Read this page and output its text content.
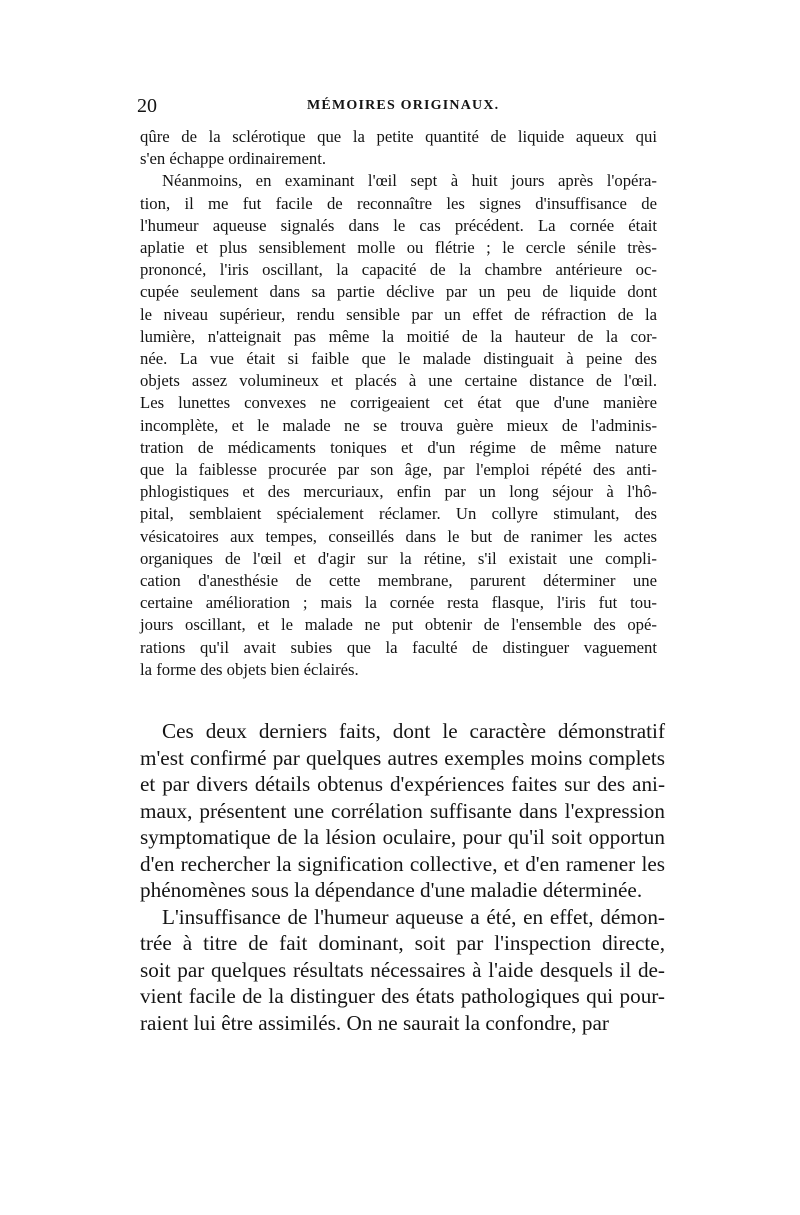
20	MÉMOIRES ORIGINAUX.
qûre de la sclérotique que la petite quantité de liquide aqueux qui
s'en échappe ordinairement.
Néanmoins, en examinant l'œil sept à huit jours après l'opéra-
tion, il me fut facile de reconnaître les signes d'insuffisance de
l'humeur aqueuse signalés dans le cas précédent. La cornée était
aplatie et plus sensiblement molle ou flétrie ; le cercle sénile très-
prononcé, l'iris oscillant, la capacité de la chambre antérieure oc-
cupée seulement dans sa partie déclive par un peu de liquide dont
le niveau supérieur, rendu sensible par un effet de réfraction de la
lumière, n'atteignait pas même la moitié de la hauteur de la cor-
née. La vue était si faible que le malade distinguait à peine des
objets assez volumineux et placés à une certaine distance de l'œil.
Les lunettes convexes ne corrigeaient cet état que d'une manière
incomplète, et le malade ne se trouva guère mieux de l'adminis-
tration de médicaments toniques et d'un régime de même nature
que la faiblesse procurée par son âge, par l'emploi répété des anti-
phlogistiques et des mercuriaux, enfin par un long séjour à l'hô-
pital, semblaient spécialement réclamer. Un collyre stimulant, des
vésicatoires aux tempes, conseillés dans le but de ranimer les actes
organiques de l'œil et d'agir sur la rétine, s'il existait une compli-
cation d'anesthésie de cette membrane, parurent déterminer une
certaine amélioration ; mais la cornée resta flasque, l'iris fut tou-
jours oscillant, et le malade ne put obtenir de l'ensemble des opé-
rations qu'il avait subies que la faculté de distinguer vaguement
la forme des objets bien éclairés.
Ces deux derniers faits, dont le caractère démonstratif
m'est confirmé par quelques autres exemples moins complets
et par divers détails obtenus d'expériences faites sur des ani-
maux, présentent une corrélation suffisante dans l'expression
symptomatique de la lésion oculaire, pour qu'il soit opportun
d'en rechercher la signification collective, et d'en ramener les
phénomènes sous la dépendance d'une maladie déterminée.
L'insuffisance de l'humeur aqueuse a été, en effet, démon-
trée à titre de fait dominant, soit par l'inspection directe,
soit par quelques résultats nécessaires à l'aide desquels il de-
vient facile de la distinguer des états pathologiques qui pour-
raient lui être assimilés. On ne saurait la confondre, par
